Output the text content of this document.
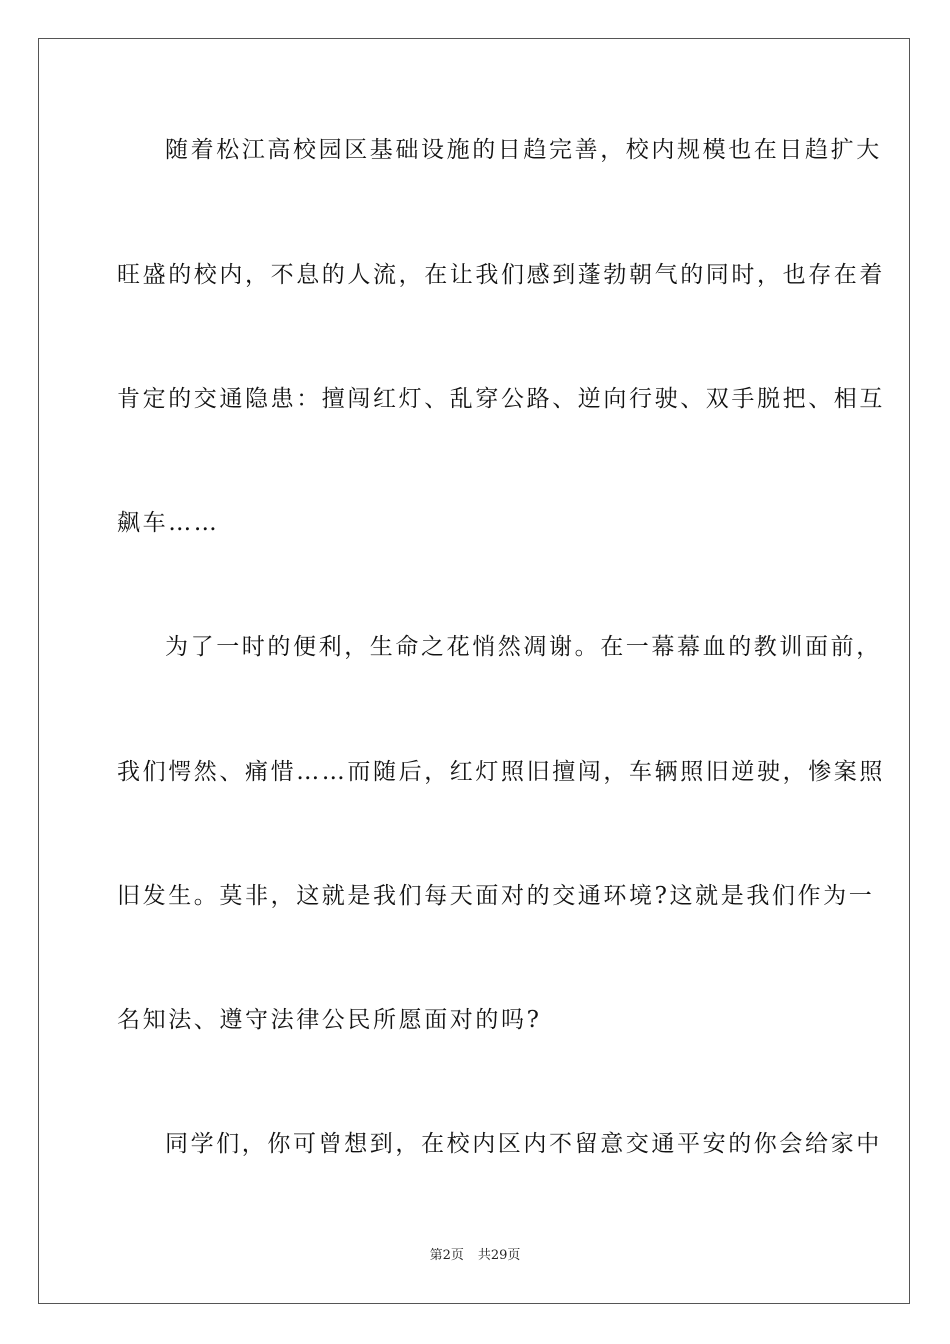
随着松江高校园区基础设施的日趋完善，校内规模也在日趋扩大
旺盛的校内，不息的人流，在让我们感到蓬勃朝气的同时，也存在着
肯定的交通隐患：擅闯红灯、乱穿公路、逆向行驶、双手脱把、相互
飙车……
为了一时的便利，生命之花悄然凋谢。在一幕幕血的教训面前，
我们愕然、痛惜……而随后，红灯照旧擅闯，车辆照旧逆驶，惨案照
旧发生。莫非，这就是我们每天面对的交通环境?这就是我们作为一
名知法、遵守法律公民所愿面对的吗?
同学们，你可曾想到，在校内区内不留意交通平安的你会给家中
第2页 共29页
